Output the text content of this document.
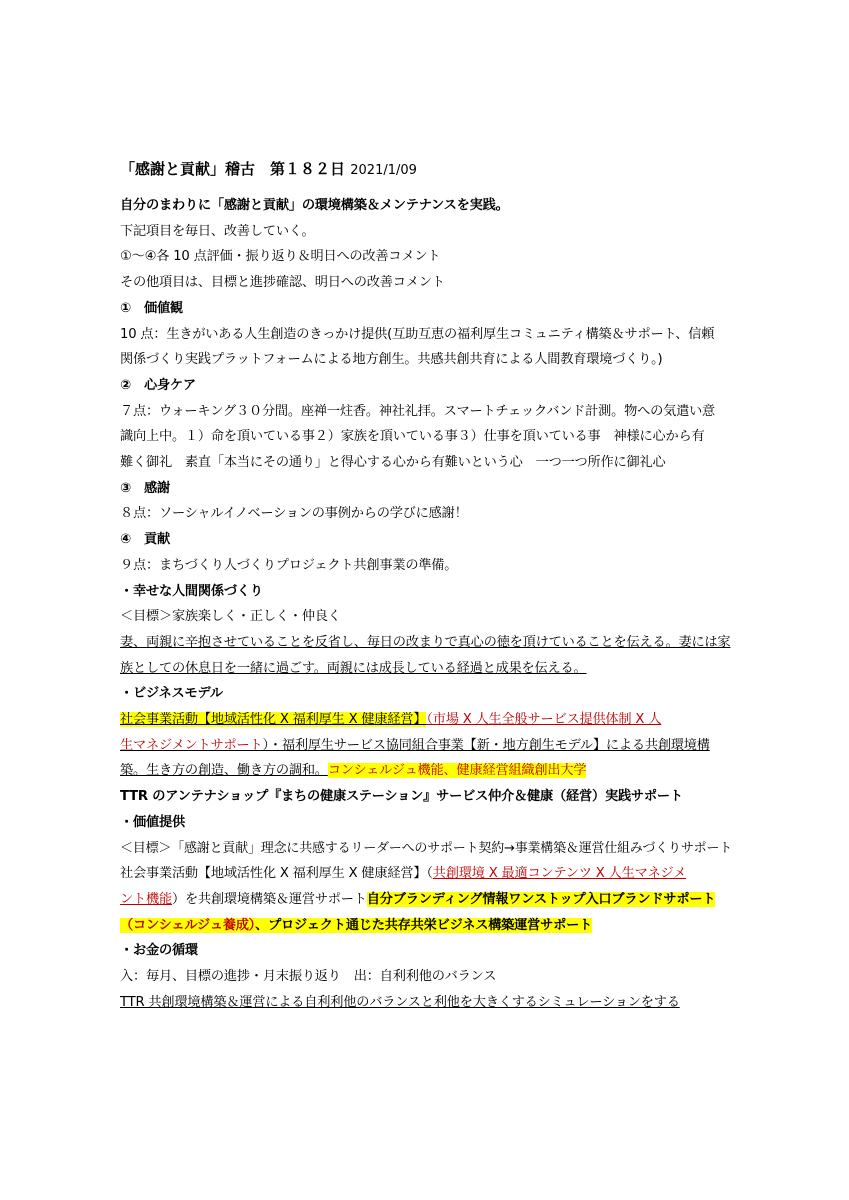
「感謝と貢献」稽古　第１８２日 2021/1/09
自分のまわりに「感謝と貢献」の環境構築＆メンテナンスを実践。
下記項目を毎日、改善していく。
①～④各 10 点評価・振り返り＆明日への改善コメント
その他項目は、目標と進捗確認、明日への改善コメント
①　価値観
10 点：生きがいある人生創造のきっかけ提供(互助互恵の福利厚生コミュニティ構築＆サポート、信頼
関係づくり実践プラットフォームによる地方創生。共感共創共育による人間教育環境づくり。)
②　心身ケア
７点：ウォーキング３０分間。座禅一炷香。神社礼拝。スマートチェックバンド計測。物への気遣い意
識向上中。１）命を頂いている事２）家族を頂いている事３）仕事を頂いている事　神様に心から有
難く御礼　素直「本当にその通り」と得心する心から有難いという心　一つ一つ所作に御礼心
③　感謝
８点：ソーシャルイノベーションの事例からの学びに感謝！
④　貢献
９点：まちづくり人づくりプロジェクト共創事業の準備。
・幸せな人間関係づくり
＜目標＞家族楽しく・正しく・仲良く
妻、両親に辛抱させていることを反省し、毎日の改まりで真心の徳を頂けていることを伝える。妻には家
族としての休息日を一緒に過ごす。両親には成長している経過と成果を伝える。
・ビジネスモデル
社会事業活動【地域活性化 X 福利厚生 X 健康経営】（市場 X 人生全般サービス提供体制 X 人
生マネジメントサポート）・福利厚生サービス協同組合事業【新・地方創生モデル】による共創環境構
築。生き方の創造、働き方の調和。コンシェルジュ機能、健康経営組織創出大学
TTR のアンテナショップ『まちの健康ステーション』サービス仲介＆健康（経営）実践サポート
・価値提供
＜目標＞「感謝と貢献」理念に共感するリーダーへのサポート契約→事業構築＆運営仕組みづくりサポート
社会事業活動【地域活性化 X 福利厚生 X 健康経営】（共創環境 X 最適コンテンツ X 人生マネジメ
ント機能）を共創環境構築＆運営サポート自分ブランディング情報ワンストップ入口ブランドサポート
（コンシェルジュ養成）、プロジェクト通じた共存共栄ビジネス構築運営サポート
・お金の循環
入：毎月、目標の進捗・月末振り返り　出：自利利他のバランス
TTR 共創環境構築＆運営による自利利他のバランスと利他を大きくするシミュレーションをする
